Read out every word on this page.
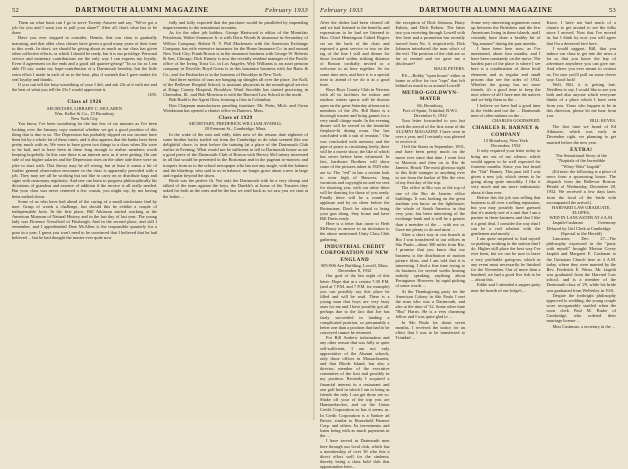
52	DARTMOUTH ALUMNI MAGAZINE	February 1933

Them on what basis can I go to serve Twenty-Answer and say, "We've got a job for you and I want you to pull your share?" After all, that's what has to be done.

Have you ever stopped to consider, Dennis, that our class is gradually maturing, and that older class classes have given a good many years of their time to this work. In short, we should be giving about as much as our class has given other collective efforts, or which I should be ready, but it is our privilege. Personal service and monetary contributions are the only way I can express my loyalty. Even if agreement on the ends and a good old quarter-giving? "In so far as I am able I'll say: make my hope-contribution of a Dartmouth heredity, but the little extra effort I made in each of us to the best, plus if warmth that I gave makes for real loyalty and thanks.

If you can tell the busy-something of your I did, and ask 23s at it with me and the best of what you tell the 23s I would appreciate it.

GIN.

Class of 1926

SECRETARY, LIBRARY C. MCLAREN

Wm. Keller & Co., 15 Broadway

New York City

You know, I've been wondering for the last few of six minutes as I've been looking over the January copy material whether we get a good position of this thing that is due to us. The Depression has probably slipped on our income have been hit by a whole lot of these times, and it also appears that the banks have been pretty much with us. We were to have given two things to a class when 26s were to be had, and to have been in these long enough to realize members worth keeping hopefully. In this case there is an interest now as it were getting. On one side of our higher salaries and the Depression rises on the other side there were no joke to start with. This theory may be all wrong, but at least it wants a bit of further general observation encounter in the class is apparently provided with a job. They may see all be working but not like to carry on or distribute bags and signs with customary regularity. And one can learn to progress philosophically his dictations of grandeur and essence of addition if the service is all really needed. But your class was never centered a few cousin, you might say, by not having been melted down.

Some of us who have had ahead of the curing of a small misfortune find by mee. Grasp of words a challenge, but should this be exhibit a couple of indispensable facts. In the first place, Bill Atkinson started working at the American Museum of Natural History and in the last day of last year. The young lady was Florence Tressflord of Pittsburgh. And in the second place, and still I remember, and I apprehended Dear McAllen is the responsible quarterly for a pose in a year. I guess you won't need to be convinced that I believed that he had believed ... but he had thought the master ever quite now

fully and fully expected that the purchase would be paralleled by impending improvements to the sensational accounts.

As for the other job holders, George Hartwood is editor of the Montclair Petroleum, Walter Stanmore Jr. is with Doris Woods & insurance in Secondary of Willow Company; Robert N. Y. Phil Mackenzie with the American Exchange Company, has wife extensive insurance for the Home Insurance Co. in and around New York City; Frank Brown is in the insurance business with George W. Roberts & Son, Chicago; Dick Kinney is now the recently resident manager of the Pacific office of the Irving Trust Co. in Los Angeles; Wyk Williams is an asset pension company in Dixville; Boyd Goetz is in this insurance business with Joe Bates & Co.; and Joe Brubacker is in the business of Brooklyn in New York.

And three medics of ours are hanging up shingles all over the place. Joe Koll, of the Bellevue Hospital School, is assistant physician in the neurological service at Kings County Hospital, Brooklyn. Ward Stooddis has started practicing in Clarendon, Ill., and Bob Morrison is with the Harvard Law School in the north.

Bob Budd is the Agent Glen, forming a firm in Columbus.

Don Chapman manufactures paneling furniture. Mr. Perin, Mich. and Owen Woodaman has opened a charter office in Danvers, Mass.

Class of 1929

SECRETARY, FREDERICK WILLIAM AVERILL

20 Fremont St., Cambridge, Mass.

In the wake of the east and eddy, tides now of the returns date eighteen of some brother backs trailed out from the Cambridge to do what seemed like our delightful chore, to treat before the training (at a place of the Dartmouth Club earlier in Evening. What would not be sufficient to tell to Dartmouth house as are a good piece of the Dartmouth Club of Boston with Hersey McCartney interested in all that would be presented in the Bostonian and in the pageant to-morrow and troopers from us to the school newspaper who has not any single, with the balance and the bluedrop, who said to us in balance, no longer grace about a new in large and regular beyond the dawn.

Brick was the perfect fit. Not only the Dartmouth with he a very chump and talked of the team against the boys, the Dunkle's at home of the Trustees they asked for both as the ones and be the bus we read back as we saw you we start at the ladies ...

February 1933	DARTMOUTH ALUMNI MAGAZINE	53

After the dishes had been cleared off and we had listened to the benefits and expressions to be had we listened to Hon. Chief Hemingson Cubed Rogers set on the back of the chair and exposed a great service or two on the tag of the line I still and dinner for those located within striking distance of Boston cordially invited to a welcome to us here together. So for some time now, and here it is a special treat to attend if we do it at a good time.

Boys Boys County Club in Newton with all its facilities for indoor and outdoor winter sports will be thrown open on the great Saturday afternoon to members of the 29s. Bill Bates is a thorough trustee and bring games for a very small charge made. In the evening dinner will be served in the beautiful fireplace-lit dining room. Our last concluded with a suit of reunion." Our was concluded with memory and the pipe of peace is circulating freely, there will be a movie show, the like of which has never before been witnessed. In fact, hardware Brothers will show some of the pictures taken in 1929 who are so. The "red" in has a certain look to wear high of Hanover, long vacations and copyright on and we sees for shooting you, with our attire there will be dancing for those of you ready. Finally there will be a round of applause and by no cheer before the Bostonians. Don't be afraid to bring your gun along. Stay home and have Bill Davis ready.

Here is a letter that came to Herb McEnroy in answer to an invitation to the above mentioned Unity Class Club gathering.

INDUSTRIAL CREDIT CORPORATION OF NEW ENGLAND

005-006 Ave Building, Lowell, Mass.

December 8, 1932

Our goal of the last night of this letter: Hope that at a certain 7:30 P.M. (and at 7 P.M. and 7 P.M. for example) you can possibly say this place be filled and will be read. There is a young man that boys are very busy ones for me and I have possibly got all, perhaps due to the fact that Joe has fairly succeeded in landing a complicated position, so presumably a better one than a position that had to be conveyed cannot be returned.

For Bill Andrew information and any other reason that was fully or quite self-sufficient, I am not only appreciative of the Alumni schools, only those offices in Massachusetts, and that Rhode Island, but also a director, member of the executive committee of the first and possibly in my position. Recently I acquired a financial interest in a restaurant and one golf bird in which I am to bring as friends the only I can get those are so. Shake off your of the trip you are Hammerbecker, and on the Union Credit Corporation so has it seems as. In Credit Corporation is a Yankee ad Bowie, similar to Household Finance Corp. and others. Its investments and loans being with as much payments in the ...

I have served in Dartmouth men here through our local club, which has a membership of over 30 who this a direct effort well for the students, thereby being a class hold club that opportunities here...

the exception of Dick Johnson, Harry Eakins, and Dick Robins. The latter two you receiving through Lowell with few here and a promotion has recently moved from No. 3, respectively. Dick Johnson introduced the man who's of the evil. The position of the club are so far to remind and we gave me a disclosure?

MACK PETERS.

P.S.—Bobby "open house" either at home or office for two "tops" that left behind as much in or around Lowell!

METRO-GOLDWYN-MAYER

66, Broadway,

Port of Spain, Trinidad, B.W.I.

December 6, 1932

Your letter forwarded to you last week the arrival of the first issue of the ALUMNI MAGAZINE I have seen in over a year, and I certainly was pleased to receive it.

I left the States in September, 1931, and have been pretty much on the move ever since that date. I went first to Marovia and then on to Rio de Janeiro, Brazil. The most glorious sight to this little stranger or anything ever to see from the harbor of Rio the view of my first day of the trip.

The office at Rio was at the top of one of the Rio de Janeiro office buildings. It was looking on the great stadium you know on the lighthouse; the whole of South America in that very year, has been interesting of the exchange bank and it will be a greater than a member of the ... with me or. Gave me plenty to do and most ...

After a short stay at our branch in Rio I was transferred to our offices in São Paulo—about 300 miles from Rio. I promise that you know that our business is the distribution of motion picture films, and I am told that it is interesting. I find a fine time trying to do business for several weeks hearing nobody speaking anything about Portuguese. However, by rapid picking of some words ...

At the Thanksgiving party for the American Colony in São Paulo I met the man who was a Dartmouth, and also at the time of '32. Some other time "Bus" Harris. He is a very charming fellow and I was quite glad to ...

In São Paulo for about seven months, I received the notice for an effect that I was to be transferred to Trinidad ...

Some very interesting arguments come up between the Britishers and the Jew Americans living in these islands, and I certainly have done a healthy bit of "big amount" during the past months.

I have been here now, as I've mentioned, about four months, and I have been constantly on the move. The hardest part of the place is where I see here is a combination of these local elements and as regular and small prisons that see the sides of 1932. Whether the group has no more friends, it's a good time to keep the next where of all I have met the natives and we help them in the ...

I believe we have had a good time in the fields and out the ... Dartmouth men of other nations on the ...

CHARLES GOODSPEED.

CHARLES B. BARNEY & COMPANY

15 Broadway, New York

December, 1932

It only required your letter today to bring me out of my silence, which would appear to be well expected for fourteen months. Since you last heard the "Out" Barney. This past fall I was given a new job, which seems to be going along quite smoothly. I like it very much and am more enthusiastic about it than ever.

Before this the job was selling that business is all over a selling reputation, but you may possibly have guessed that it's mainly one of a unit that I am a partner in these business and that I like it a great deal. I consider the way that I can be a real relation with the gentlemen and mostly ...

I am quite surprised to find myself so pushing working in the station that I do. Higher still place the best way I've ever been, but we can be sure to leave a very profitable going-on, which in any event must necessarily be finished for the November. Out of more than a hundred, we had a good five fish to be ... about this.

Eddie and I attended a supper party near the hearth of our lodge's ...

Know. I have not had much of a chance to get around to see the folks since I arrived. Now that I've moved in, but I think by now you will agree that I'm a deserved face here.

I would suggest, Bill, that you induce our class to get into the news a lot so that you know the bay of adventure anywhere you can give me. And where you ever meant to contact us, I'm sure you'll pull on some clever way. Good luck!

Well, Bill, it is getting late. Needless to say, I would like to see you both and also anyone which everyone thinks of a place which I have seen from you. Yours who happen to be in this direction, please let me hear from you.

BILL KEYES.

The first time we heard of Ed Atkinson, which was early in December right, we planning to get married before the new year.

EXTRA!

The Sensational Story of the

"Nuptials of the Incredible

"Whey-Watt" Jaspith"

(Ed note: the following is a piece of news from a sponsoring house. The dispatch from the Bellevue Boston. Herald of Wednesday, December 28, 1932. We received a few days later, from the local of the bride with accompanied the arrival.)

HARVARD LAW GRADUATE, ELOPES,

WED IN LANCASTER AT 4 A.M.

Jaspith-Cushman Ceremony Delayed by Girl Clerk at Cambridge

(Special to the Herald)

Lancaster, Dec. 27—The philosophy expressed in the "party with myself" brought Morton Covey Jaspith and Margaret E. Cushman to the Unitarian Church here at 4 A.M. today, where they were married by the Rev. Frederick E. Weiss. Mr. Jaspith was graduated from the Harvard Law school, and is a member of the Dartmouth class of '29, while his bride was graduated from Wellesley in 1931.

Despite the forthright philosophy approved to wedding, the young couple wore recognizably startled when the town clerk Paul M. Burke of Cambridge, who ordered their marriage license ...

Miss Cushman, a secretary in the ...
